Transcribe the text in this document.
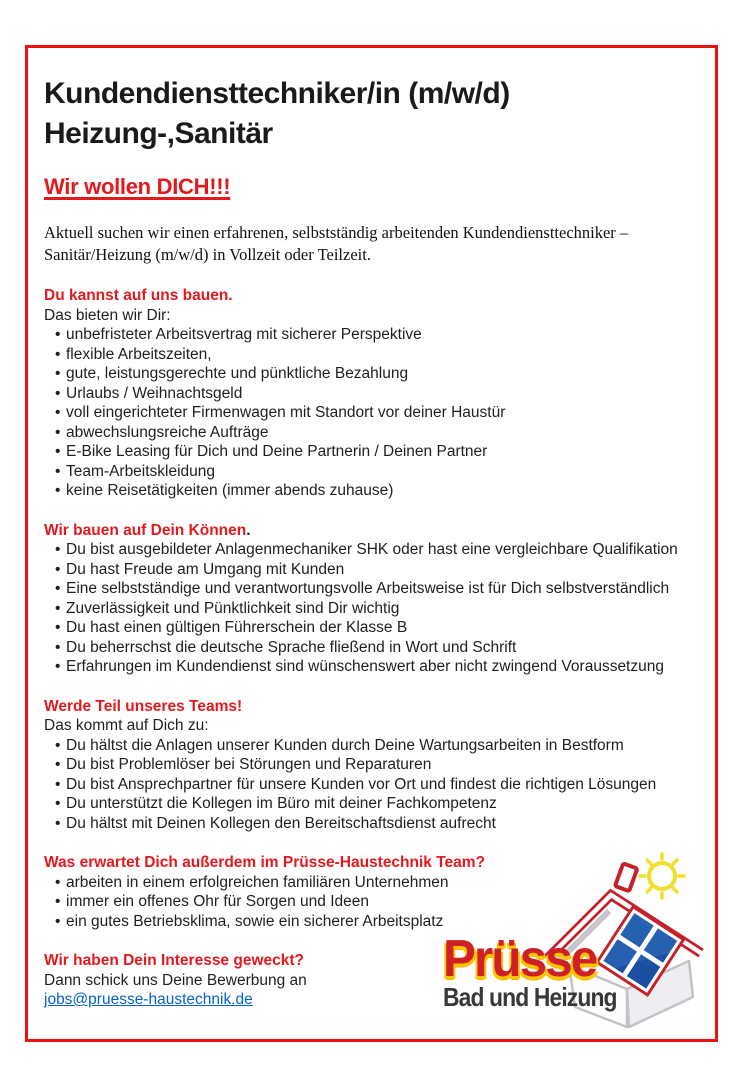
Kundendiensttechniker/in (m/w/d)
Heizung-,Sanitär
Wir wollen DICH!!!

Aktuell suchen wir einen erfahrenen, selbstständig arbeitenden Kundendiensttechniker – Sanitär/Heizung (m/w/d) in Vollzeit oder Teilzeit.

Du kannst auf uns bauen.
Das bieten wir Dir:
• unbefristeter Arbeitsvertrag mit sicherer Perspektive
• flexible Arbeitszeiten,
• gute, leistungsgerechte und pünktliche Bezahlung
• Urlaubs / Weihnachtsgeld
• voll eingerichteter Firmenwagen mit Standort vor deiner Haustür
• abwechslungsreiche Aufträge
• E-Bike Leasing für Dich und Deine Partnerin / Deinen Partner
• Team-Arbeitskleidung
• keine Reisetätigkeiten (immer abends zuhause)
Wir bauen auf Dein Können.
• Du bist ausgebildeter Anlagenmechaniker SHK oder hast eine vergleichbare Qualifikation
• Du hast Freude am Umgang mit Kunden
• Eine selbstständige und verantwortungsvolle Arbeitsweise ist für Dich selbstverständlich
• Zuverlässigkeit und Pünktlichkeit sind Dir wichtig
• Du hast einen gültigen Führerschein der Klasse B
• Du beherrschst die deutsche Sprache fließend in Wort und Schrift
• Erfahrungen im Kundendienst sind wünschenswert aber nicht zwingend Voraussetzung
Werde Teil unseres Teams!
Das kommt auf Dich zu:
• Du hältst die Anlagen unserer Kunden durch Deine Wartungsarbeiten in Bestform
• Du bist Problemlöser bei Störungen und Reparaturen
• Du bist Ansprechpartner für unsere Kunden vor Ort und findest die richtigen Lösungen
• Du unterstützt die Kollegen im Büro mit deiner Fachkompetenz
• Du hältst mit Deinen Kollegen den Bereitschaftsdienst aufrecht
Was erwartet Dich außerdem im Prüsse-Haustechnik Team?
• arbeiten in einem erfolgreichen familiären Unternehmen
• immer ein offenes Ohr für Sorgen und Ideen
• ein gutes Betriebsklima, sowie ein sicherer Arbeitsplatz
Wir haben Dein Interesse geweckt?
Dann schick uns Deine Bewerbung an
jobs@pruesse-haustechnik.de
Prüsse
Bad und Heizung
